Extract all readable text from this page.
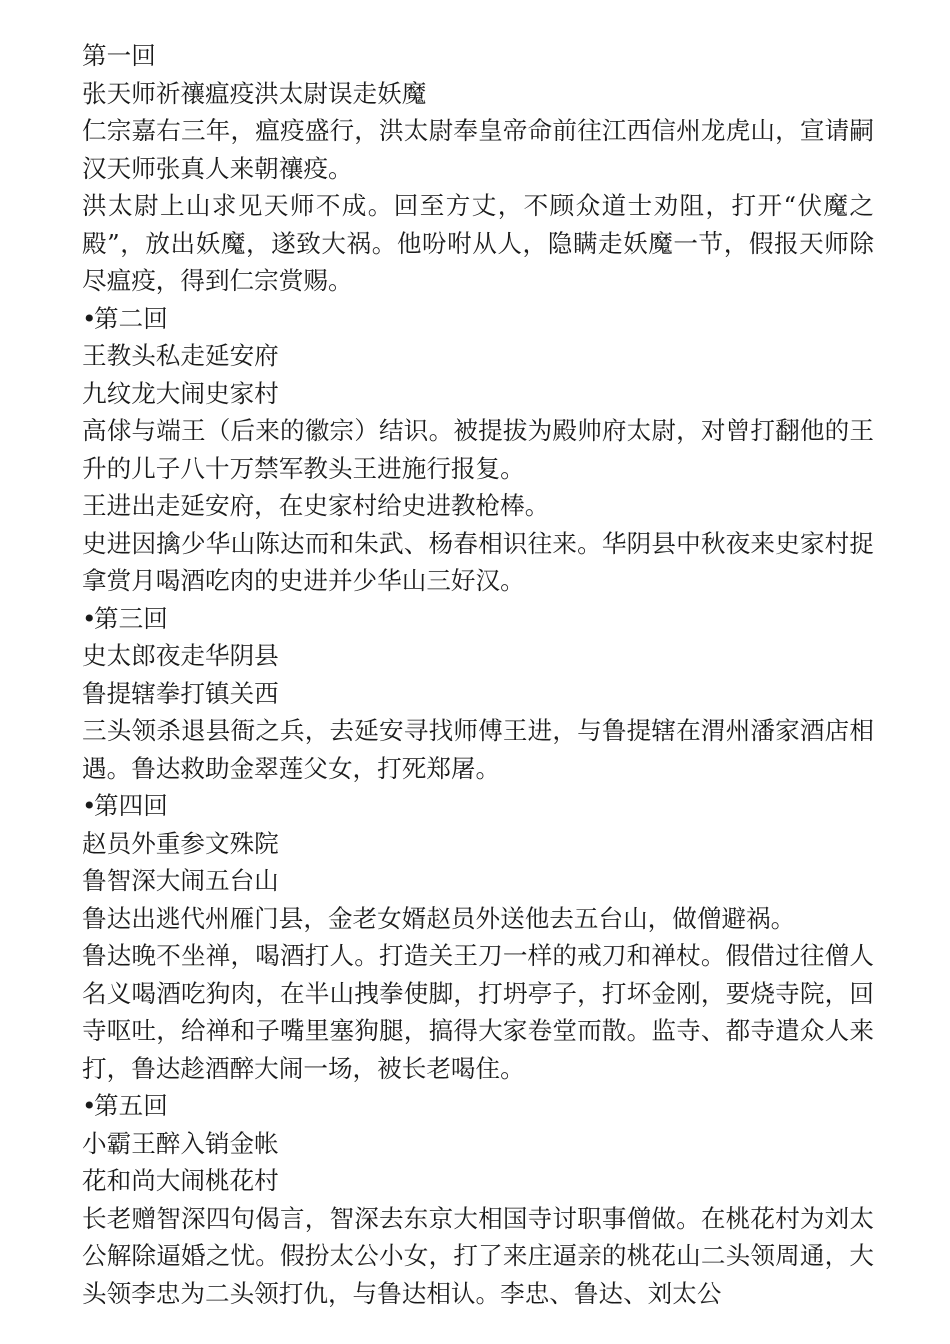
第一回

张天师祈禳瘟疫洪太尉误走妖魔

仁宗嘉右三年，瘟疫盛行，洪太尉奉皇帝命前往江西信州龙虎山，宣请嗣汉天师张真人来朝禳疫。

洪太尉上山求见天师不成。回至方丈，不顾众道士劝阻，打开“伏魔之殿”，放出妖魔，遂致大祸。他吩咐从人，隐瞒走妖魔一节，假报天师除尽瘟疫，得到仁宗赏赐。

•第二回

王教头私走延安府

九纹龙大闹史家村

高俅与端王（后来的徽宗）结识。被提拔为殿帅府太尉，对曾打翻他的王升的儿子八十万禁军教头王进施行报复。

王进出走延安府，在史家村给史进教枪棒。

史进因擒少华山陈达而和朱武、杨春相识往来。华阴县中秋夜来史家村捉拿赏月喝酒吃肉的史进并少华山三好汉。

•第三回

史太郎夜走华阴县

鲁提辖拳打镇关西

三头领杀退县衙之兵，去延安寻找师傅王进，与鲁提辖在渭州潘家酒店相遇。鲁达救助金翠莲父女，打死郑屠。

•第四回

赵员外重参文殊院

鲁智深大闹五台山

鲁达出逃代州雁门县，金老女婿赵员外送他去五台山，做僧避祸。

鲁达晚不坐禅，喝酒打人。打造关王刀一样的戒刀和禅杖。假借过往僧人名义喝酒吃狗肉，在半山拽拳使脚，打坍亭子，打坏金刚，要烧寺院，回寺呕吐，给禅和子嘴里塞狗腿，搞得大家卷堂而散。监寺、都寺遣众人来打，鲁达趁酒醉大闹一场，被长老喝住。

•第五回

小霸王醉入销金帐

花和尚大闹桃花村

长老赠智深四句偈言，智深去东京大相国寺讨职事僧做。在桃花村为刘太公解除逼婚之忧。假扮太公小女，打了来庄逼亲的桃花山二头领周通，大头领李忠为二头领打仇，与鲁达相认。李忠、鲁达、刘太公
